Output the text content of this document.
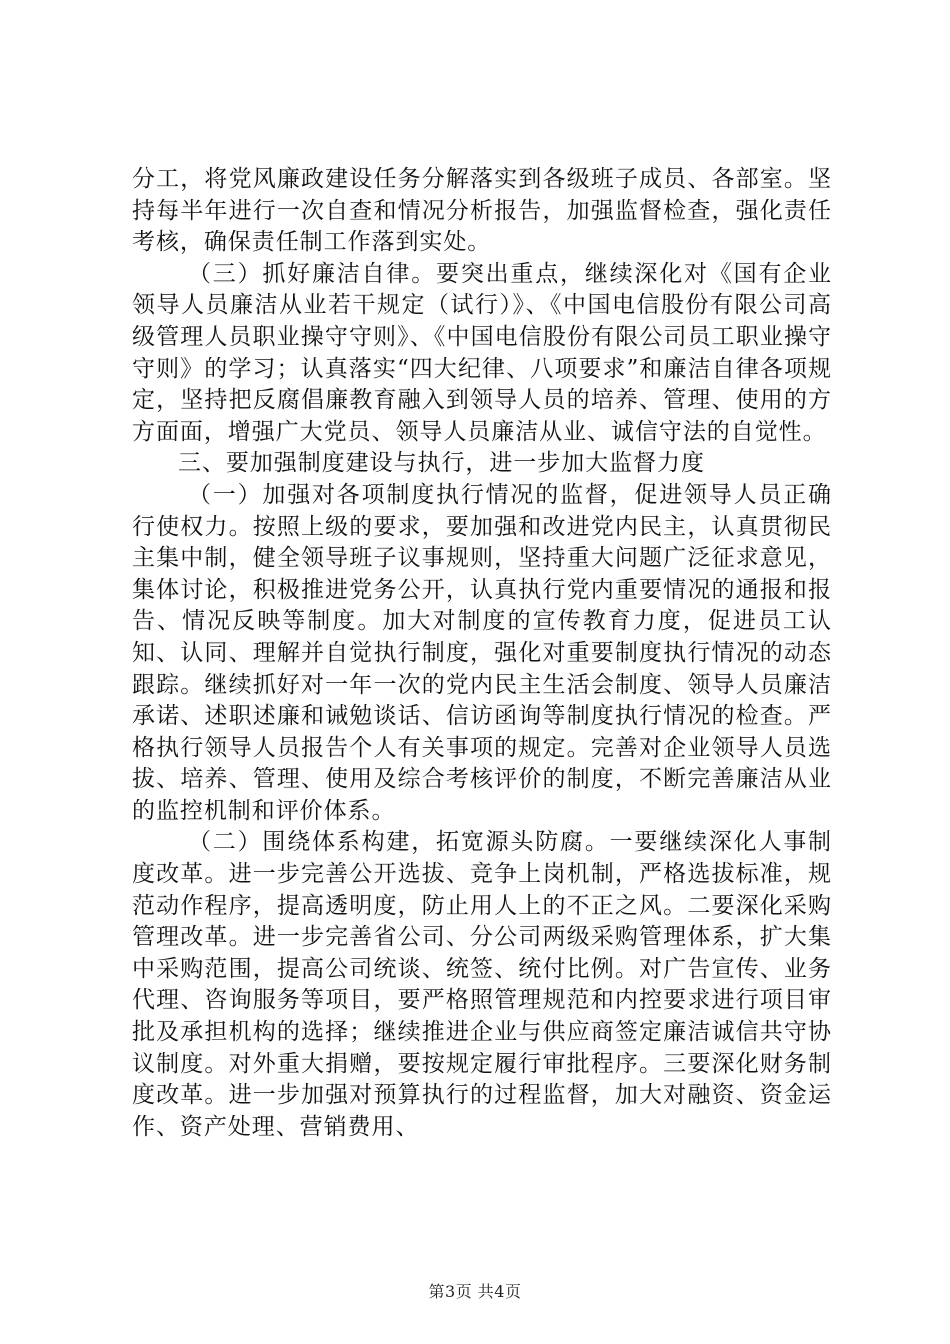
分工，将党风廉政建设任务分解落实到各级班子成员、各部室。坚持每半年进行一次自查和情况分析报告，加强监督检查，强化责任考核，确保责任制工作落到实处。

（三）抓好廉洁自律。要突出重点，继续深化对《国有企业领导人员廉洁从业若干规定（试行）》、《中国电信股份有限公司高级管理人员职业操守守则》、《中国电信股份有限公司员工职业操守守则》的学习；认真落实“四大纪律、八项要求”和廉洁自律各项规定，坚持把反腐倡廉教育融入到领导人员的培养、管理、使用的方方面面，增强广大党员、领导人员廉洁从业、诚信守法的自觉性。

三、要加强制度建设与执行，进一步加大监督力度

（一）加强对各项制度执行情况的监督，促进领导人员正确行使权力。按照上级的要求，要加强和改进党内民主，认真贯彻民主集中制，健全领导班子议事规则，坚持重大问题广泛征求意见，集体讨论，积极推进党务公开，认真执行党内重要情况的通报和报告、情况反映等制度。加大对制度的宣传教育力度，促进员工认知、认同、理解并自觉执行制度，强化对重要制度执行情况的动态跟踪。继续抓好对一年一次的党内民主生活会制度、领导人员廉洁承诺、述职述廉和诫勉谈话、信访函询等制度执行情况的检查。严格执行领导人员报告个人有关事项的规定。完善对企业领导人员选拔、培养、管理、使用及综合考核评价的制度，不断完善廉洁从业的监控机制和评价体系。

（二）围绕体系构建，拓宽源头防腐。一要继续深化人事制度改革。进一步完善公开选拔、竞争上岗机制，严格选拔标准，规范动作程序，提高透明度，防止用人上的不正之风。二要深化采购管理改革。进一步完善省公司、分公司两级采购管理体系，扩大集中采购范围，提高公司统谈、统签、统付比例。对广告宣传、业务代理、咨询服务等项目，要严格照管理规范和内控要求进行项目审批及承担机构的选择；继续推进企业与供应商签定廉洁诚信共守协议制度。对外重大捐赠，要按规定履行审批程序。三要深化财务制度改革。进一步加强对预算执行的过程监督，加大对融资、资金运作、资产处理、营销费用、

第3页 共4页
